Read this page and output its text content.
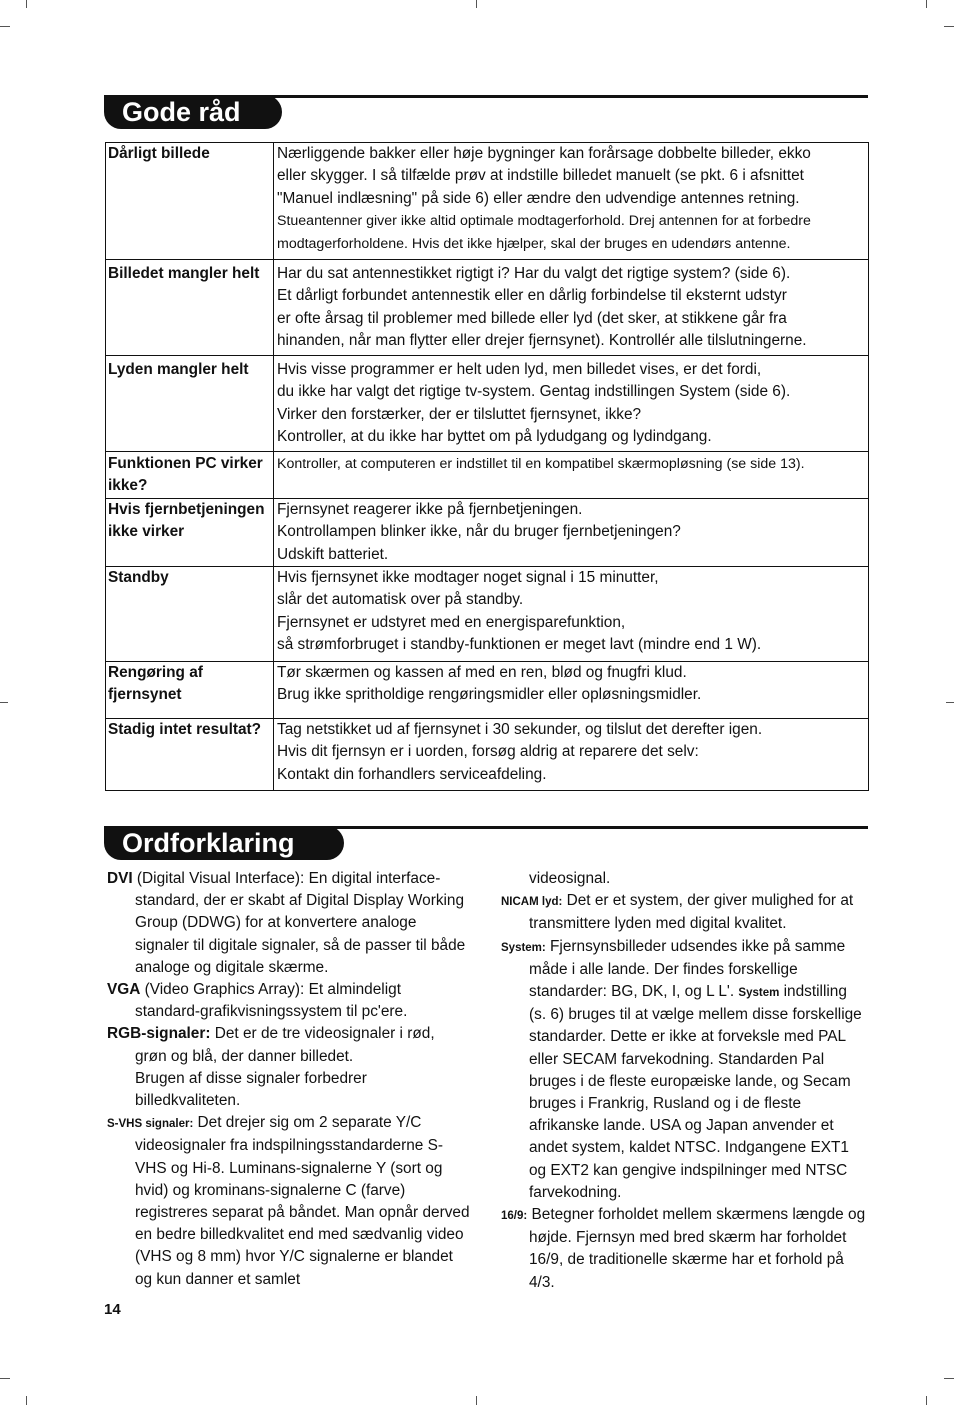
Gode råd
Dårligt billede	Nærliggende bakker eller høje bygninger kan forårsage dobbelte billeder, ekko
eller skygger. I så tilfælde prøv at indstille billedet manuelt (se pkt. 6 i afsnittet
"Manuel indlæsning" på side 6) eller ændre den udvendige antennes retning.
Stueantenner giver ikke altid optimale modtagerforhold. Drej antennen for at forbedre
modtagerforholdene. Hvis det ikke hjælper, skal der bruges en udendørs antenne.

Billedet mangler helt	Har du sat antennestikket rigtigt i? Har du valgt det rigtige system? (side 6).
Et dårligt forbundet antennestik eller en dårlig forbindelse til eksternt udstyr
er ofte årsag til problemer med billede eller lyd (det sker, at stikkene går fra
hinanden, når man flytter eller drejer fjernsynet). Kontrollér alle tilslutningerne.

Lyden mangler helt	Hvis visse programmer er helt uden lyd, men billedet vises, er det fordi,
du ikke har valgt det rigtige tv-system. Gentag indstillingen System (side 6).
Virker den forstærker, der er tilsluttet fjernsynet, ikke?
Kontroller, at du ikke har byttet om på lydudgang og lydindgang.

Funktionen PC virker ikke?	Kontroller, at computeren er indstillet til en kompatibel skærmopløsning (se side 13).

Hvis fjernbetjeningen ikke virker	Fjernsynet reagerer ikke på fjernbetjeningen.
Kontrollampen blinker ikke, når du bruger fjernbetjeningen?
Udskift batteriet.

Standby	Hvis fjernsynet ikke modtager noget signal i 15 minutter,
slår det automatisk over på standby.
Fjernsynet er udstyret med en energisparefunktion,
så strømforbruget i standby-funktionen er meget lavt (mindre end 1 W).

Rengøring af fjernsynet	Tør skærmen og kassen af med en ren, blød og fnugfri klud.
Brug ikke spritholdige rengøringsmidler eller opløsningsmidler.

Stadig intet resultat?	Tag netstikket ud af fjernsynet i 30 sekunder, og tilslut det derefter igen.
Hvis dit fjernsyn er i uorden, forsøg aldrig at reparere det selv:
Kontakt din forhandlers serviceafdeling.
Ordforklaring

DVI (Digital Visual Interface): En digital interface-standard, der er skabt af Digital Display Working Group (DDWG) for at konvertere analoge signaler til digitale signaler, så de passer til både analoge og digitale skærme.

VGA (Video Graphics Array): Et almindeligt standard-grafikvisningssystem til pc'ere.

RGB-signaler: Det er de tre videosignaler i rød, grøn og blå, der danner billedet.
Brugen af disse signaler forbedrer billedkvaliteten.

S-VHS signaler: Det drejer sig om 2 separate Y/C videosignaler fra indspilningsstandarderne S-VHS og Hi-8. Luminans-signalerne Y (sort og hvid) og krominans-signalerne C (farve) registreres separat på båndet. Man opnår derved en bedre billedkvalitet end med sædvanlig video (VHS og 8 mm) hvor Y/C signalerne er blandet og kun danner et samlet

videosignal.

NICAM lyd: Det er et system, der giver mulighed for at transmittere lyden med digital kvalitet.

System: Fjernsynsbilleder udsendes ikke på samme måde i alle lande. Der findes forskellige standarder: BG, DK, I, og L L'. System indstilling (s. 6) bruges til at vælge mellem disse forskellige standarder. Dette er ikke at forveksle med PAL eller SECAM farvekodning. Standarden Pal bruges i de fleste europæiske lande, og Secam bruges i Frankrig, Rusland og i de fleste afrikanske lande. USA og Japan anvender et andet system, kaldet NTSC. Indgangene EXT1 og EXT2 kan gengive indspilninger med NTSC farvekodning.

16/9: Betegner forholdet mellem skærmens længde og højde. Fjernsyn med bred skærm har forholdet 16/9, de traditionelle skærme har et forhold på 4/3.

14
